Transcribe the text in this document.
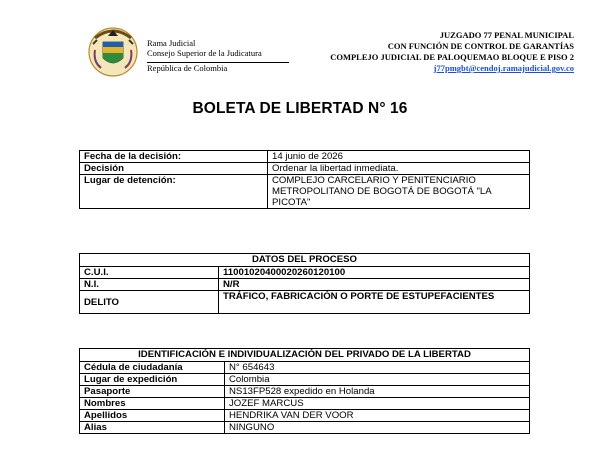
Rama Judicial
Consejo Superior de la Judicatura
República de Colombia
JUZGADO 77 PENAL MUNICIPAL
CON FUNCIÓN DE CONTROL DE GARANTÍAS
COMPLEJO JUDICIAL DE PALOQUEMAO BLOQUE E PISO 2
j77pmgbt@cendoj.ramajudicial.gov.co
BOLETA DE LIBERTAD N° 16
Fecha de la decisión:	14 junio de 2026
Decisión	Ordenar la libertad inmediata.
Lugar de detención:	COMPLEJO CARCELARIO Y PENITENCIARIO METROPOLITANO DE BOGOTÁ DE BOGOTÁ "LA PICOTA"
DATOS DEL PROCESO	
C.U.I.	11001020400020260120100
N.I.	N/R
DELITO	TRÁFICO, FABRICACIÓN O PORTE DE ESTUPEFACIENTES
IDENTIFICACIÓN E INDIVIDUALIZACIÓN DEL PRIVADO DE LA LIBERTAD	
Cédula de ciudadanía	N° 654643
Lugar de expedición	Colombia
Pasaporte	NS13FP528 expedido en Holanda
Nombres	JOZEF MARCUS
Apellidos	HENDRIKA VAN DER VOOR
Alias	NINGUNO
